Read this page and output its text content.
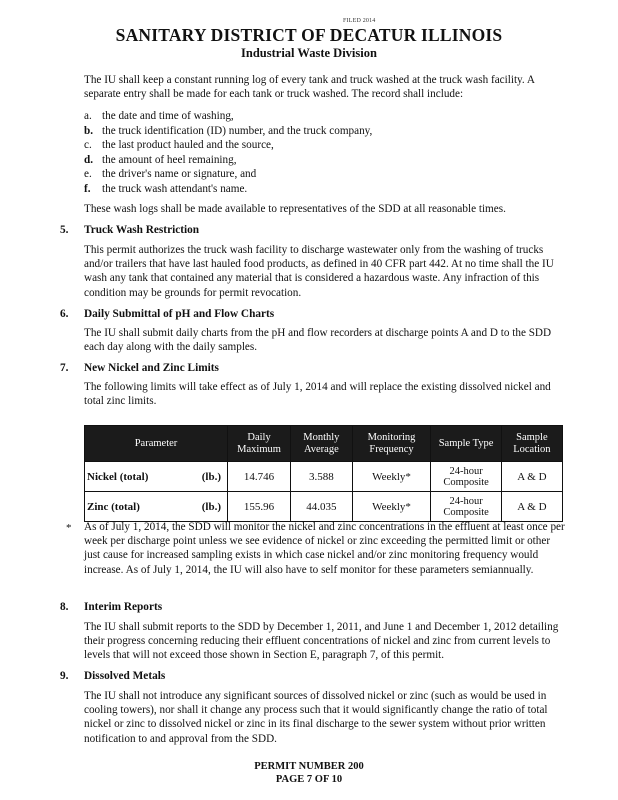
FILED 2014
SANITARY DISTRICT OF DECATUR ILLINOIS
Industrial Waste Division
The IU shall keep a constant running log of every tank and truck washed at the truck wash facility. A separate entry shall be made for each tank or truck washed. The record shall include:
a. the date and time of washing,
b. the truck identification (ID) number, and the truck company,
c. the last product hauled and the source,
d. the amount of heel remaining,
e. the driver's name or signature, and
f. the truck wash attendant's name.
These wash logs shall be made available to representatives of the SDD at all reasonable times.
5. Truck Wash Restriction
This permit authorizes the truck wash facility to discharge wastewater only from the washing of trucks and/or trailers that have last hauled food products, as defined in 40 CFR part 442. At no time shall the IU wash any tank that contained any material that is considered a hazardous waste. Any infraction of this condition may be grounds for permit revocation.
6. Daily Submittal of pH and Flow Charts
The IU shall submit daily charts from the pH and flow recorders at discharge points A and D to the SDD each day along with the daily samples.
7. New Nickel and Zinc Limits
The following limits will take effect as of July 1, 2014 and will replace the existing dissolved nickel and total zinc limits.
Parameter		Daily Maximum	Monthly Average	Monitoring Frequency	Sample Type	Sample Location
Nickel (total)	(lb.)	14.746	3.588	Weekly*	24-hour Composite	A & D
Zinc (total)	(lb.)	155.96	44.035	Weekly*	24-hour Composite	A & D
* As of July 1, 2014, the SDD will monitor the nickel and zinc concentrations in the effluent at least once per week per discharge point unless we see evidence of nickel or zinc exceeding the permitted limit or other just cause for increased sampling exists in which case nickel and/or zinc monitoring frequency would increase. As of July 1, 2014, the IU will also have to self monitor for these parameters semiannually.
8. Interim Reports
The IU shall submit reports to the SDD by December 1, 2011, and June 1 and December 1, 2012 detailing their progress concerning reducing their effluent concentrations of nickel and zinc from current levels to levels that will not exceed those shown in Section E, paragraph 7, of this permit.
9. Dissolved Metals
The IU shall not introduce any significant sources of dissolved nickel or zinc (such as would be used in cooling towers), nor shall it change any process such that it would significantly change the ratio of total nickel or zinc to dissolved nickel or zinc in its final discharge to the sewer system without prior written notification to and approval from the SDD.
PERMIT NUMBER 200
PAGE 7 OF 10
